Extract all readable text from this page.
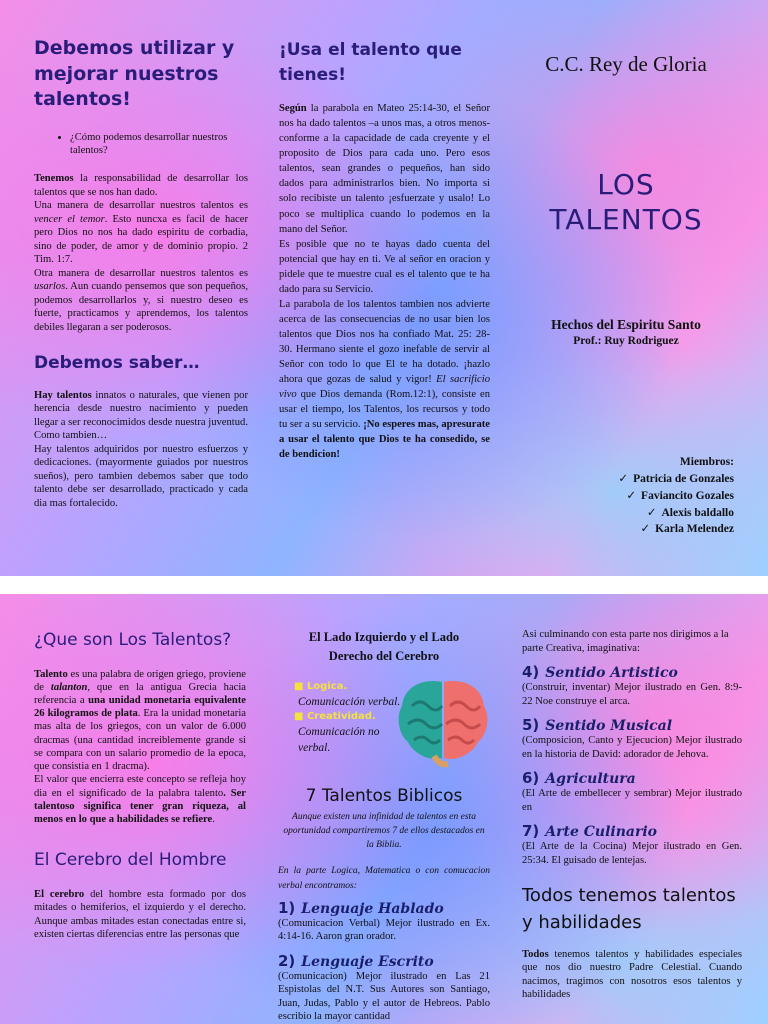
Debemos utilizar y mejorar nuestros talentos!
• ¿Cómo podemos desarrollar nuestros talentos?

Tenemos la responsabilidad de desarrollar los talentos que se nos han dado.

Una manera de desarrollar nuestros talentos es vencer el temor. Esto nuncxa es facil de hacer pero Dios no nos ha dado espiritu de corbadia, sino de poder, de amor y de dominio propio. 2 Tim. 1:7.

Otra manera de desarrollar nuestros talentos es usarlos. Aun cuando pensemos que son pequeños, podemos desarrollarlos y, si nuestro deseo es fuerte, practicamos y aprendemos, los talentos debiles llegaran a ser poderosos.

Debemos saber…

Hay talentos innatos o naturales, que vienen por herencia desde nuestro nacimiento y pueden llegar a ser reconocimidos desde nuestra juventud. Como tambien…

Hay talentos adquiridos por nuestro esfuerzos y dedicaciones. (mayormente guiados por nuestros sueños), pero tambien debemos saber que todo talento debe ser desarrollado, practicado y cada dia mas fortalecido.

¡Usa el talento que tienes!

Según la parabola en Mateo 25:14-30, el Señor nos ha dado talentos –a unos mas, a otros menos- conforme a la capacidade de cada creyente y el proposito de Dios para cada uno. Pero esos talentos, sean grandes o pequeños, han sido dados para administrarlos bien. No importa si solo recibiste un talento ¡esfuerzate y usalo! Lo poco se multiplica cuando lo podemos en la mano del Señor.

Es posible que no te hayas dado cuenta del potencial que hay en ti. Ve al señor en oracion y pidele que te muestre cual es el talento que te ha dado para su Servicio.

La parabola de los talentos tambien nos advierte acerca de las consecuencias de no usar bien los talentos que Dios nos ha confiado Mat. 25: 28-30. Hermano siente el gozo inefable de servir al Señor con todo lo que El te ha dotado. ¡hazlo ahora que gozas de salud y vigor! El sacrificio vivo que Dios demanda (Rom.12:1), consiste en usar el tiempo, los Talentos, los recursos y todo tu ser a su servicio. ¡No esperes mas, apresurate a usar el talento que Dios te ha consedido, se de bendicion!

C.C. Rey de Gloria
LOS
TALENTOS
Hechos del Espiritu Santo
Prof.: Ruy Rodriguez
Miembros:
✓ Patricia de Gonzales
✓ Faviancito Gozales
✓ Alexis baldallo
✓ Karla Melendez
¿Que son Los Talentos?

Talento es una palabra de origen griego, proviene de talanton, que en la antigua Grecia hacia referencia a una unidad monetaria equivalente 26 kilogramos de plata. Era la unidad monetaria mas alta de los griegos, con un valor de 6.000 dracmas (una cantidad increiblemente grande si se compara con un salario promedio de la epoca, que consistia en 1 dracma).

El valor que encierra este concepto se refleja hoy dia en el significado de la palabra talento. Ser talentoso significa tener gran riqueza, al menos en lo que a habilidades se refiere.

El Cerebro del Hombre

El cerebro del hombre esta formado por dos mitades o hemiferios, el izquierdo y el derecho. Aunque ambas mitades estan conectadas entre si, existen ciertas diferencias entre las personas que

El Lado Izquierdo y el Lado Derecho del Cerebro
■ Logica.
Comunicación verbal.
■ Creatividad.
Comunicación no verbal.
7 Talentos Biblicos
Aunque existen una infinidad de talentos en esta oportunidad compartiremos 7 de ellos destacados en la Biblia.
En la parte Logica, Matematica o con comucacion verbal encontramos:
1) Lenguaje Hablado
(Comunicacion Verbal) Mejor ilustrado en Ex. 4:14-16. Aaron gran orador.
2) Lenguaje Escrito
(Comunicacion) Mejor ilustrado en Las 21 Espistolas del N.T. Sus Autores son Santiago, Juan, Judas, Pablo y el autor de Hebreos. Pablo escribio la mayor cantidad
Asi culminando con esta parte nos dirigimos a la parte Creativa, imaginativa:
4) Sentido Artistico
(Construir, inventar) Mejor ilustrado en Gen. 8:9-22 Noe construye el arca.
5) Sentido Musical
(Composicion, Canto y Ejecucion) Mejor ilustrado en la historia de David: adorador de Jehova.
6) Agricultura
(El Arte de embellecer y sembrar) Mejor ilustrado en
7) Arte Culinario
(El Arte de la Cocina) Mejor ilustrado en Gen. 25:34. El guisado de lentejas.
Todos tenemos talentos y habilidades

Todos tenemos talentos y habilidades especiales que nos dio nuestro Padre Celestial. Cuando nacimos, tragimos con nosotros esos talentos y habilidades
